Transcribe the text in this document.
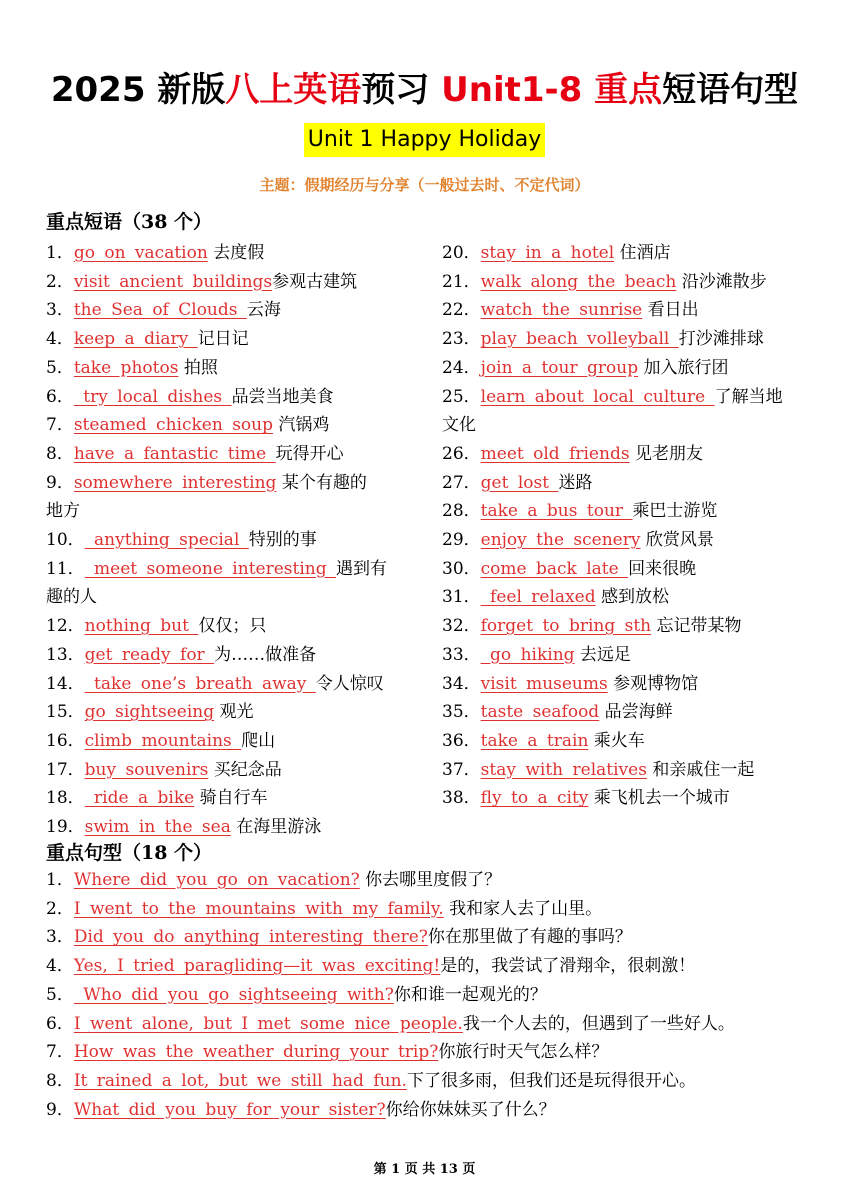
2025 新版八上英语预习 Unit1-8 重点短语句型
Unit 1 Happy Holiday
主题：假期经历与分享（一般过去时、不定代词）
重点短语（38 个）
1．go on vacation 去度假
2．visit ancient buildings参观古建筑
3．the Sea of Clouds 云海
4．keep a diary 记日记
5．take photos 拍照
6． try local dishes 品尝当地美食
7．steamed chicken soup 汽锅鸡
8．have a fantastic time 玩得开心
9．somewhere interesting 某个有趣的
地方
10． anything special 特别的事
11． meet someone interesting 遇到有
趣的人
12．nothing but 仅仅；只
13．get ready for 为……做准备
14． take one’s breath away 令人惊叹
15．go sightseeing 观光
16．climb mountains 爬山
17．buy souvenirs 买纪念品
18． ride a bike 骑自行车
19．swim in the sea 在海里游泳
20．stay in a hotel 住酒店
21．walk along the beach 沿沙滩散步
22．watch the sunrise 看日出
23．play beach volleyball 打沙滩排球
24．join a tour group 加入旅行团
25．learn about local culture 了解当地
文化
26．meet old friends 见老朋友
27．get lost 迷路
28．take a bus tour 乘巴士游览
29．enjoy the scenery 欣赏风景
30．come back late 回来很晚
31． feel relaxed 感到放松
32．forget to bring sth 忘记带某物
33． go hiking 去远足
34．visit museums 参观博物馆
35．taste seafood 品尝海鲜
36．take a train 乘火车
37．stay with relatives 和亲戚住一起
38．fly to a city 乘飞机去一个城市
重点句型（18 个）
1．Where did you go on vacation? 你去哪里度假了？
2．I went to the mountains with my family. 我和家人去了山里。
3．Did you do anything interesting there?你在那里做了有趣的事吗？
4．Yes, I tried paragliding—it was exciting!是的，我尝试了滑翔伞，很刺激！
5． Who did you go sightseeing with?你和谁一起观光的？
6．I went alone, but I met some nice people.我一个人去的，但遇到了一些好人。
7．How was the weather during your trip?你旅行时天气怎么样？
8．It rained a lot, but we still had fun.下了很多雨，但我们还是玩得很开心。
9．What did you buy for your sister?你给你妹妹买了什么？
第 1 页 共 13 页
